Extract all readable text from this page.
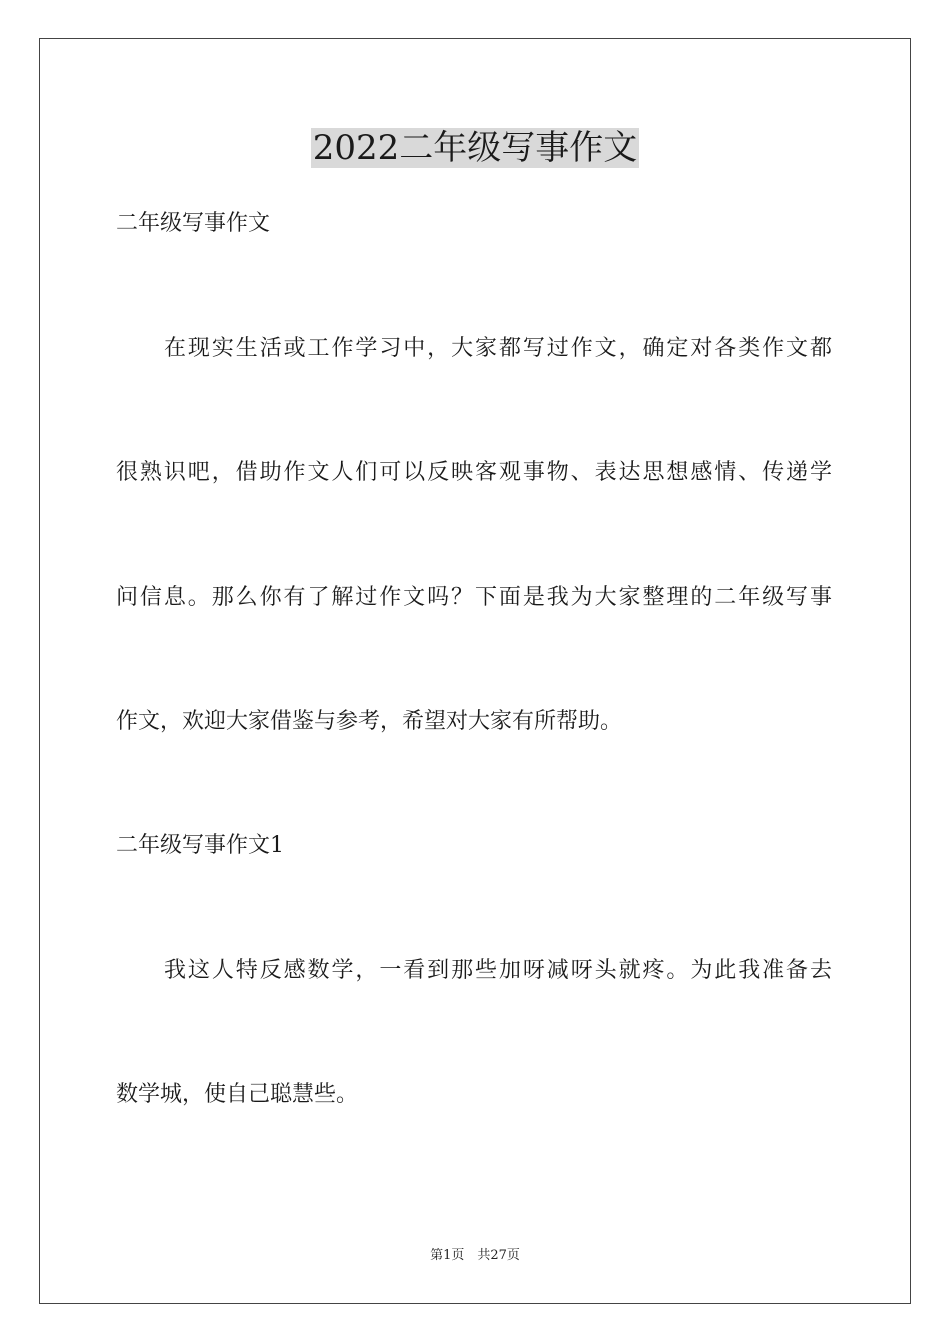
2022二年级写事作文

二年级写事作文

在现实生活或工作学习中，大家都写过作文，确定对各类作文都

很熟识吧，借助作文人们可以反映客观事物、表达思想感情、传递学

问信息。那么你有了解过作文吗？下面是我为大家整理的二年级写事

作文，欢迎大家借鉴与参考，希望对大家有所帮助。

二年级写事作文1

我这人特反感数学，一看到那些加呀减呀头就疼。为此我准备去

数学城，使自己聪慧些。

第1页　共27页
